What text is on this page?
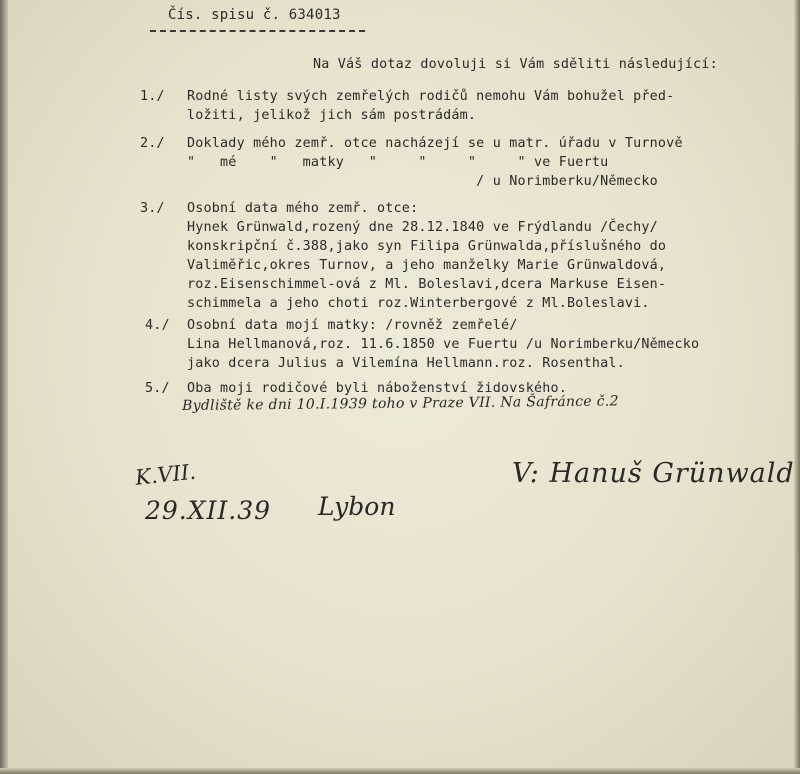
Čís. spisu č. 634013
Na Váš dotaz dovoluji si Vám sděliti následující:
1./ Rodné listy svých zemřelých rodičů nemohu Vám bohužel před-
ložiti, jelikož jich sám postrádám.
2./ Doklady mého zemř. otce nacházejí se u matr. úřadu v Turnově
"   mé    "   matky   "     "     "     " ve Fuertu
/ u Norimberku/Německo
3./ Osobní data mého zemř. otce:
Hynek Grünwald,rozený dne 28.12.1840 ve Frýdlandu /Čechy/
konskripční č.388,jako syn Filipa Grünwalda,příslušného do
Valiměřic,okres Turnov, a jeho manželky Marie Grünwaldová,
roz.Eisenschimmel-ová z Ml. Boleslavi,dcera Markuse Eisen-
schimmela a jeho choti roz.Winterbergové z Ml.Boleslavi.
4./ Osobní data mojí matky: /rovněž zemřelé/
Lina Hellmanová,roz. 11.6.1850 ve Fuertu /u Norimberku/Německo
jako dcera Julius a Vilemína Hellmann.roz. Rosenthal.
5./ Oba moji rodičové byli náboženství židovského.
Bydliště ke dni 10.I.1939 toho v Praze VII. Na Šafránce č.2
V: Hanuš Grünwald
K.VII.
29.XII.39 Lybon
